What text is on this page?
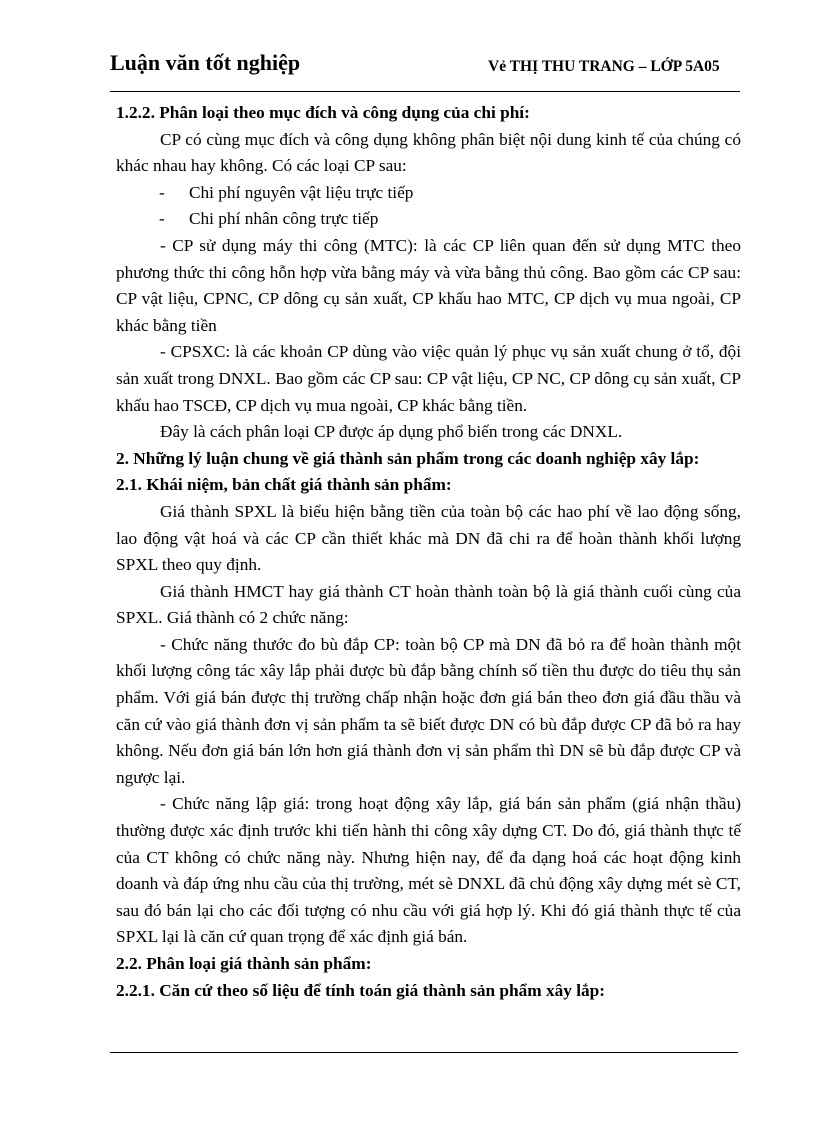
Luận văn tốt nghiệp	Vẻ THỊ THU TRANG – LỚP 5A05

1.2.2. Phân loại theo mục đích và công dụng của chi phí:

CP có cùng mục đích và công dụng không phân biệt nội dung kinh tế của chúng có khác nhau hay không. Có các loại CP sau:

-	Chi phí nguyên vật liệu trực tiếp
-	Chi phí nhân công trực tiếp

- CP sử dụng máy thi công (MTC): là các CP liên quan đến sử dụng MTC theo phương thức thi công hỗn hợp vừa bằng máy và vừa bằng thủ công. Bao gồm các CP sau: CP vật liệu, CPNC, CP dông cụ sản xuất, CP khấu hao MTC, CP dịch vụ mua ngoài, CP khác bằng tiền

- CPSXC: là các khoản CP dùng vào việc quản lý phục vụ sản xuất chung ở tổ, đội sản xuất trong DNXL. Bao gồm các CP sau: CP vật liệu, CP NC, CP dông cụ sản xuất, CP khấu hao TSCĐ, CP dịch vụ mua ngoài, CP khác bằng tiền.

Đây là cách phân loại CP được áp dụng phổ biến trong các DNXL.

2. Những lý luận chung về giá thành sản phẩm trong các doanh nghiệp xây lắp:

2.1. Khái niệm, bản chất giá thành sản phẩm:

Giá thành SPXL là biểu hiện bằng tiền của toàn bộ các hao phí về lao động sống, lao động vật hoá và các CP cần thiết khác mà DN đã chi ra để hoàn thành khối lượng SPXL theo quy định.

Giá thành HMCT hay giá thành CT hoàn thành toàn bộ là giá thành cuối cùng của SPXL. Giá thành có 2 chức năng:

- Chức năng thước đo bù đắp CP: toàn bộ CP mà DN đã bỏ ra để hoàn thành một khối lượng công tác xây lắp phải được bù đắp bằng chính số tiền thu được do tiêu thụ sản phẩm. Với giá bán được thị trường chấp nhận hoặc đơn giá bán theo đơn giá đầu thầu và căn cứ vào giá thành đơn vị sản phẩm ta sẽ biết được DN có bù đắp được CP đã bỏ ra hay không. Nếu đơn giá bán lớn hơn giá thành đơn vị sản phẩm thì DN sẽ bù đắp được CP và ngược lại.

- Chức năng lập giá: trong hoạt động xây lắp, giá bán sản phẩm (giá nhận thầu) thường được xác định trước khi tiến hành thi công xây dựng CT. Do đó, giá thành thực tế của CT không có chức năng này. Nhưng hiện nay, để đa dạng hoá các hoạt động kinh doanh và đáp ứng nhu cầu của thị trường, mét sè DNXL đã chủ động xây dựng mét sè CT, sau đó bán lại cho các đối tượng có nhu cầu với giá hợp lý. Khi đó giá thành thực tế của SPXL lại là căn cứ quan trọng để xác định giá bán.

2.2. Phân loại giá thành sản phẩm:

2.2.1. Căn cứ theo số liệu để tính toán giá thành sản phẩm xây lắp:
